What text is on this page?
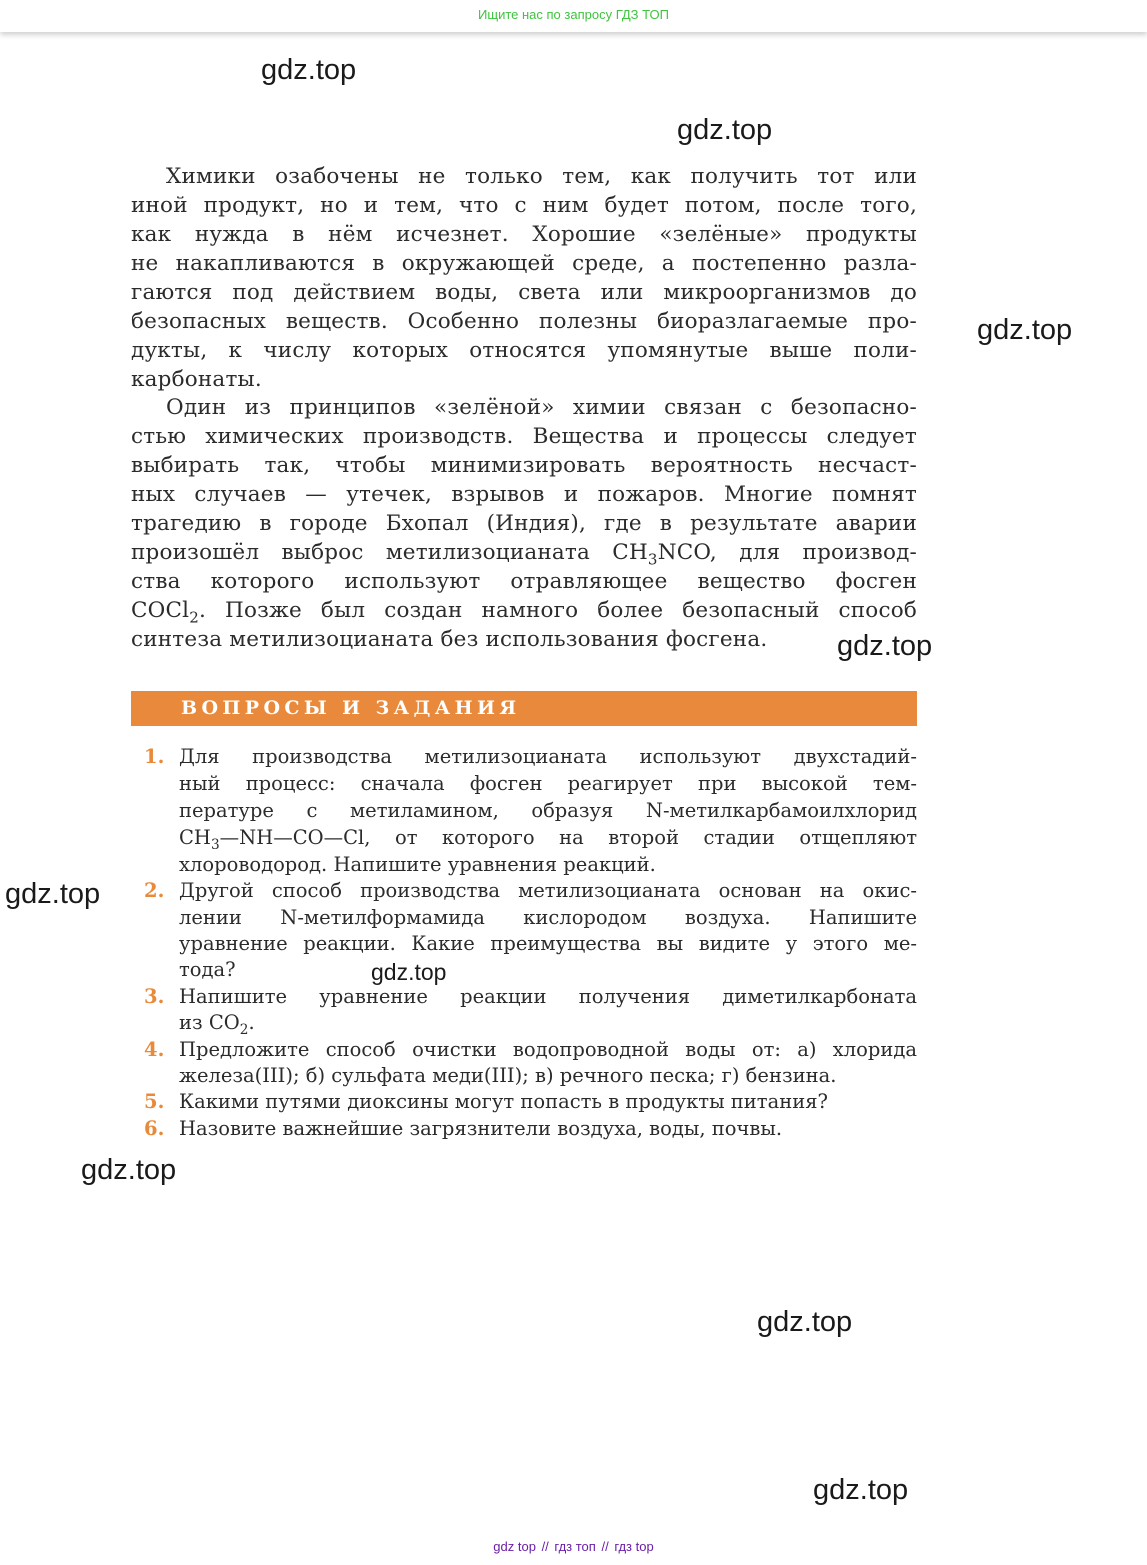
Ищите нас по запросу ГДЗ ТОП
gdz.top
gdz.top
gdz.top
gdz.top
gdz.top
gdz.top
gdz.top
gdz.top
gdz.top
Химики озабочены не только тем, как получить тот или
иной продукт, но и тем, что с ним будет потом, после того,
как нужда в нём исчезнет. Хорошие «зелёные» продукты
не накапливаются в окружающей среде, а постепенно разла-
гаются под действием воды, света или микроорганизмов до
безопасных веществ. Особенно полезны биоразлагаемые про-
дукты, к числу которых относятся упомянутые выше поли-
карбонаты.
Один из принципов «зелёной» химии связан с безопасно-
стью химических производств. Вещества и процессы следует
выбирать так, чтобы минимизировать вероятность несчаст-
ных случаев — утечек, взрывов и пожаров. Многие помнят
трагедию в городе Бхопал (Индия), где в результате аварии
произошёл выброс метилизоцианата $CH_3NCO$, для производ-
ства которого используют отравляющее вещество фосген
COCl$_2$. Позже был создан намного более безопасный способ
синтеза метилизоцианата без использования фосгена.
ВОПРОСЫ И ЗАДАНИЯ
1. Для производства метилизоцианата используют двухстадий-
ный процесс: сначала фосген реагирует при высокой тем-
пературе с метиламином, образуя N-метилкарбамоилхлорид
$CH_3—NH—CO—Cl$, от которого на второй стадии отщепляют
хлороводород. Напишите уравнения реакций.
2. Другой способ производства метилизоцианата основан на окис-
лении N-метилформамида кислородом воздуха. Напишите
уравнение реакции. Какие преимущества вы видите у этого ме-
тода?
3. Напишите уравнение реакции получения диметилкарбоната
из $CO_2$.
4. Предложите способ очистки водопроводной воды от: а) хлорида
железа(III); б) сульфата меди(III); в) речного песка; г) бензина.
5. Какими путями диоксины могут попасть в продукты питания?
6. Назовите важнейшие загрязнители воздуха, воды, почвы.
gdz top // гдз топ // гдз top
